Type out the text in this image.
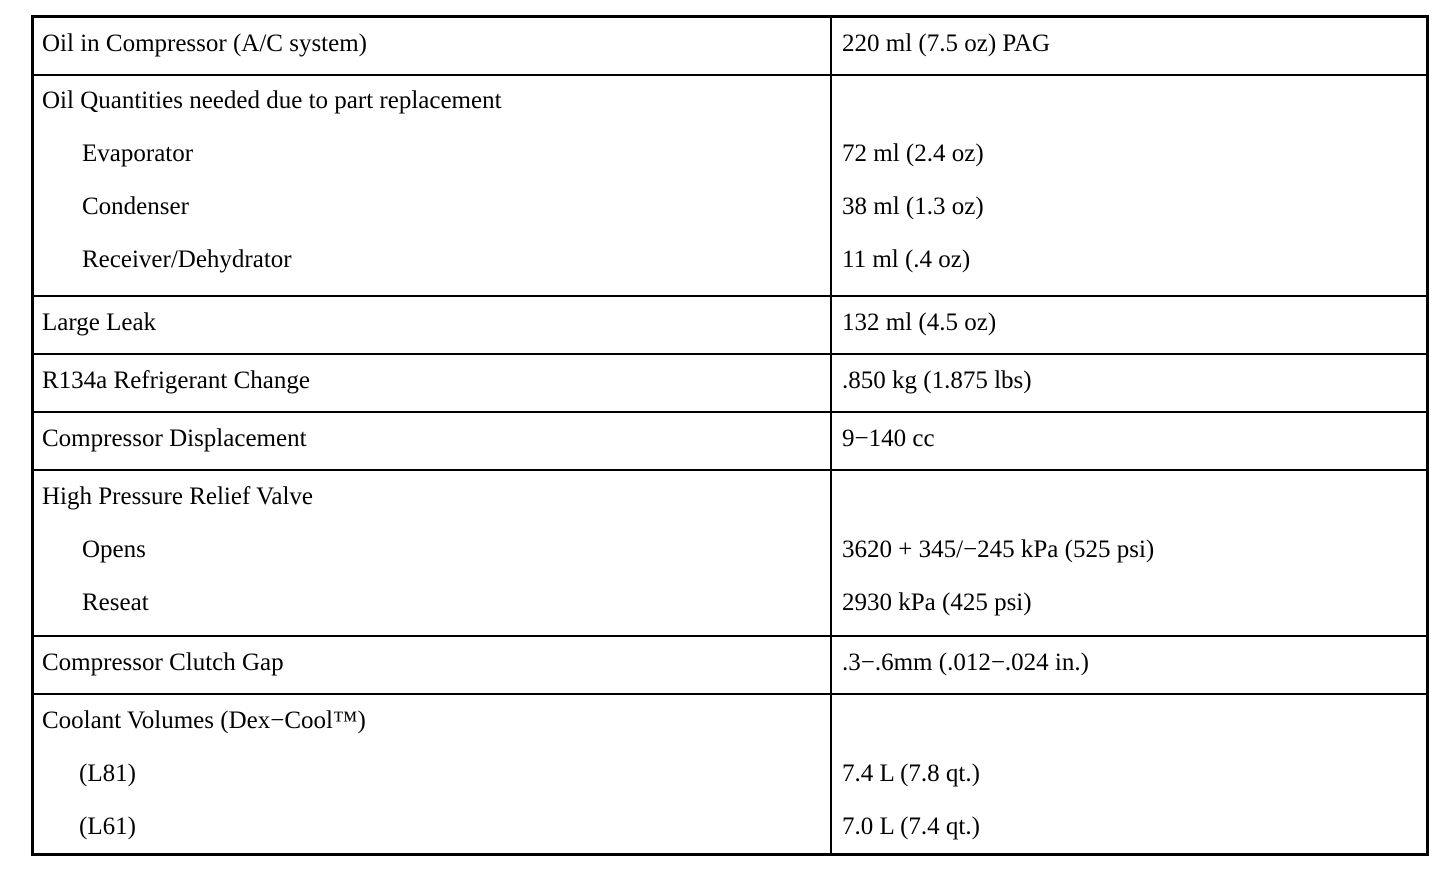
Oil in Compressor (A/C system)	220 ml (7.5 oz) PAG
Oil Quantities needed due to part replacement
Evaporator	72 ml (2.4 oz)
Condenser	38 ml (1.3 oz)
Receiver/Dehydrator	11 ml (.4 oz)
Large Leak	132 ml (4.5 oz)
R134a Refrigerant Change	.850 kg (1.875 lbs)
Compressor Displacement	9−140 cc
High Pressure Relief Valve
Opens	3620 + 345/−245 kPa (525 psi)
Reseat	2930 kPa (425 psi)
Compressor Clutch Gap	.3−.6mm (.012−.024 in.)
Coolant Volumes (Dex−Cool™)
(L81)	7.4 L (7.8 qt.)
(L61)	7.0 L (7.4 qt.)
